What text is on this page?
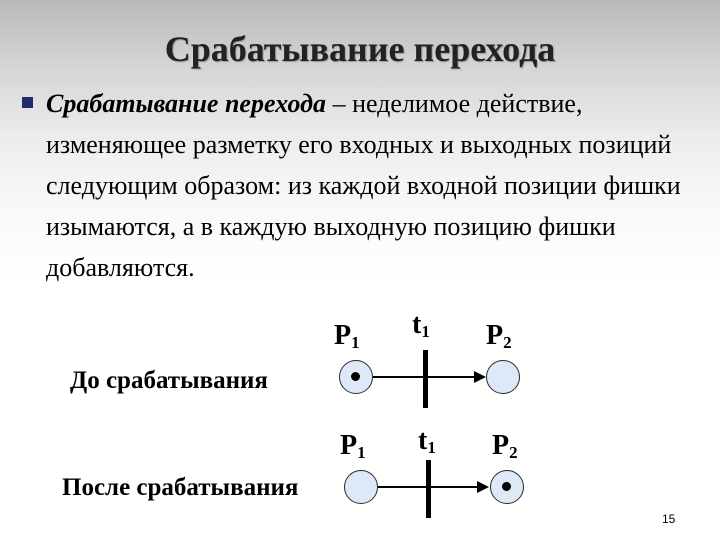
Срабатывание перехода
Срабатывание перехода – неделимое действие, изменяющее разметку его входных и выходных позиций следующим образом: из каждой входной позиции фишки изымаются, а в каждую выходную позицию фишки добавляются.
$P_1$
$t_1$ $P_2$
До срабатывания
$P_1$ $t_1$ $P_2$
После срабатывания
15
